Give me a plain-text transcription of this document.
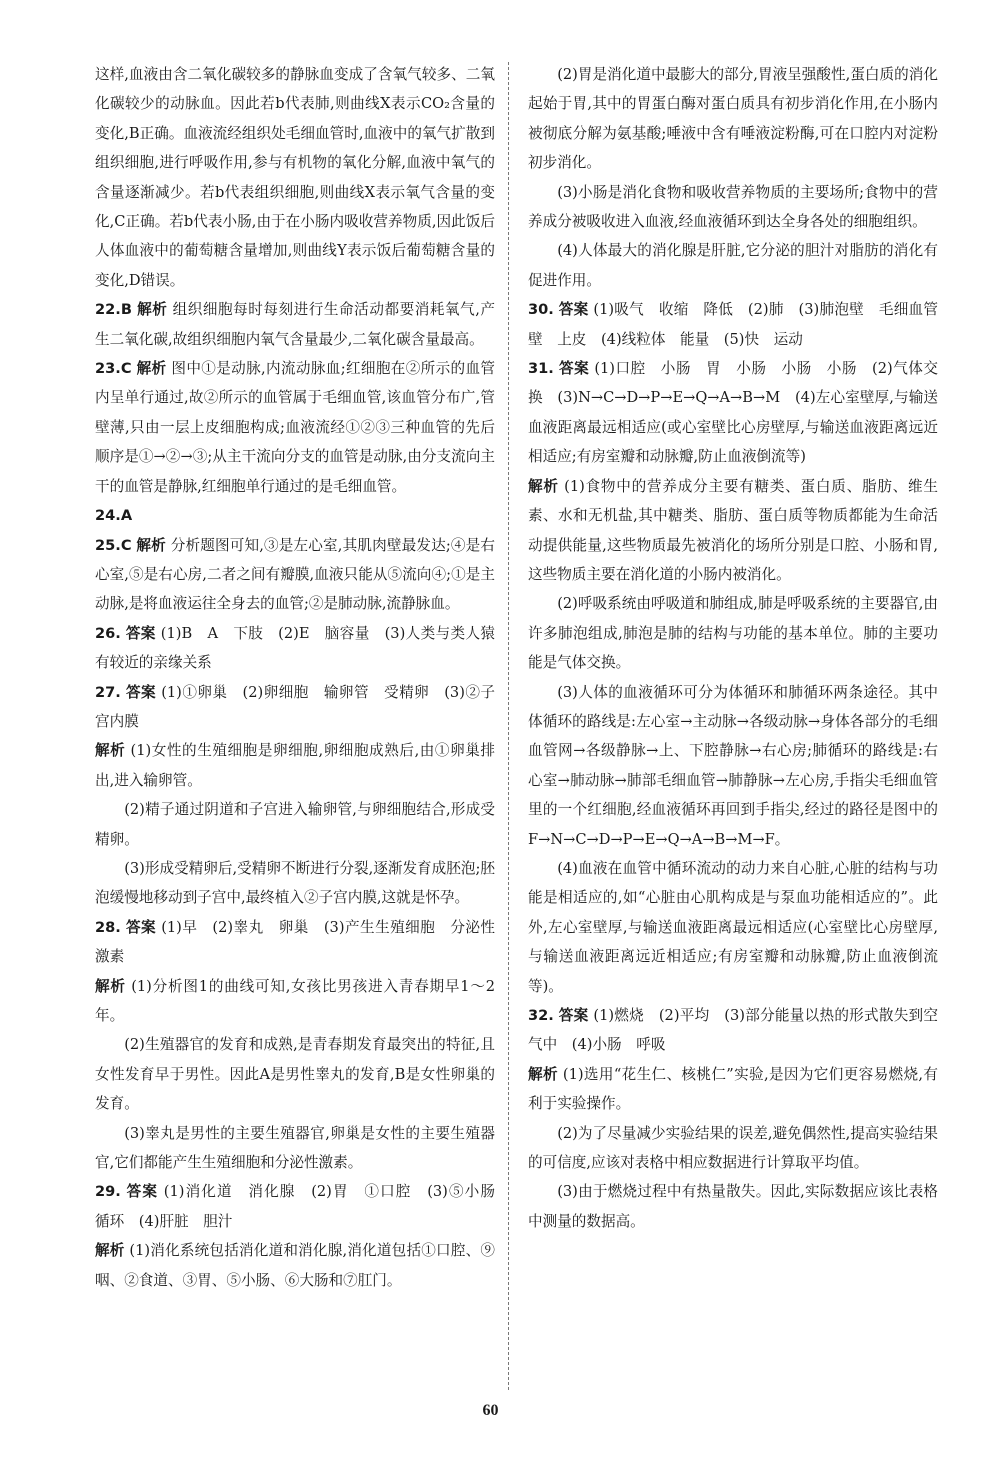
这样,血液由含二氧化碳较多的静脉血变成了含氧气较多、二氧化碳较少的动脉血。因此若b代表肺,则曲线X表示CO₂含量的变化,B正确。血液流经组织处毛细血管时,血液中的氧气扩散到组织细胞,进行呼吸作用,参与有机物的氧化分解,血液中氧气的含量逐渐减少。若b代表组织细胞,则曲线X表示氧气含量的变化,C正确。若b代表小肠,由于在小肠内吸收营养物质,因此饭后人体血液中的葡萄糖含量增加,则曲线Y表示饭后葡萄糖含量的变化,D错误。

22.B 解析 组织细胞每时每刻进行生命活动都要消耗氧气,产生二氧化碳,故组织细胞内氧气含量最少,二氧化碳含量最高。

23.C 解析 图中①是动脉,内流动脉血;红细胞在②所示的血管内呈单行通过,故②所示的血管属于毛细血管,该血管分布广,管壁薄,只由一层上皮细胞构成;血液流经①②③三种血管的先后顺序是①→②→③;从主干流向分支的血管是动脉,由分支流向主干的血管是静脉,红细胞单行通过的是毛细血管。

24.A

25.C 解析 分析题图可知,③是左心室,其肌肉壁最发达;④是右心室,⑤是右心房,二者之间有瓣膜,血液只能从⑤流向④;①是主动脉,是将血液运往全身去的血管;②是肺动脉,流静脉血。

26. 答案 (1)B　A　下肢　(2)E　脑容量　(3)人类与类人猿有较近的亲缘关系

27. 答案 (1)①卵巢　(2)卵细胞　输卵管　受精卵　(3)②子宫内膜

解析 (1)女性的生殖细胞是卵细胞,卵细胞成熟后,由①卵巢排出,进入输卵管。

(2)精子通过阴道和子宫进入输卵管,与卵细胞结合,形成受精卵。

(3)形成受精卵后,受精卵不断进行分裂,逐渐发育成胚泡;胚泡缓慢地移动到子宫中,最终植入②子宫内膜,这就是怀孕。

28. 答案 (1)早　(2)睾丸　卵巢　(3)产生生殖细胞　分泌性激素

解析 (1)分析图1的曲线可知,女孩比男孩进入青春期早1～2年。

(2)生殖器官的发育和成熟,是青春期发育最突出的特征,且女性发育早于男性。因此A是男性睾丸的发育,B是女性卵巢的发育。

(3)睾丸是男性的主要生殖器官,卵巢是女性的主要生殖器官,它们都能产生生殖细胞和分泌性激素。

29. 答案 (1)消化道　消化腺　(2)胃　①口腔　(3)⑤小肠　循环　(4)肝脏　胆汁

解析 (1)消化系统包括消化道和消化腺,消化道包括①口腔、⑨咽、②食道、③胃、⑤小肠、⑥大肠和⑦肛门。

(2)胃是消化道中最膨大的部分,胃液呈强酸性,蛋白质的消化起始于胃,其中的胃蛋白酶对蛋白质具有初步消化作用,在小肠内被彻底分解为氨基酸;唾液中含有唾液淀粉酶,可在口腔内对淀粉初步消化。

(3)小肠是消化食物和吸收营养物质的主要场所;食物中的营养成分被吸收进入血液,经血液循环到达全身各处的细胞组织。

(4)人体最大的消化腺是肝脏,它分泌的胆汁对脂肪的消化有促进作用。

30. 答案 (1)吸气　收缩　降低　(2)肺　(3)肺泡壁　毛细血管壁　上皮　(4)线粒体　能量　(5)快　运动

31. 答案 (1)口腔　小肠　胃　小肠　小肠　小肠　(2)气体交换　(3)N→C→D→P→E→Q→A→B→M　(4)左心室壁厚,与输送血液距离最远相适应(或心室壁比心房壁厚,与输送血液距离远近相适应;有房室瓣和动脉瓣,防止血液倒流等)

解析 (1)食物中的营养成分主要有糖类、蛋白质、脂肪、维生素、水和无机盐,其中糖类、脂肪、蛋白质等物质都能为生命活动提供能量,这些物质最先被消化的场所分别是口腔、小肠和胃,这些物质主要在消化道的小肠内被消化。

(2)呼吸系统由呼吸道和肺组成,肺是呼吸系统的主要器官,由许多肺泡组成,肺泡是肺的结构与功能的基本单位。肺的主要功能是气体交换。

(3)人体的血液循环可分为体循环和肺循环两条途径。其中体循环的路线是:左心室→主动脉→各级动脉→身体各部分的毛细血管网→各级静脉→上、下腔静脉→右心房;肺循环的路线是:右心室→肺动脉→肺部毛细血管→肺静脉→左心房,手指尖毛细血管里的一个红细胞,经血液循环再回到手指尖,经过的路径是图中的F→N→C→D→P→E→Q→A→B→M→F。

(4)血液在血管中循环流动的动力来自心脏,心脏的结构与功能是相适应的,如“心脏由心肌构成是与泵血功能相适应的”。此外,左心室壁厚,与输送血液距离最远相适应(心室壁比心房壁厚,与输送血液距离远近相适应;有房室瓣和动脉瓣,防止血液倒流等)。

32. 答案 (1)燃烧　(2)平均　(3)部分能量以热的形式散失到空气中　(4)小肠　呼吸

解析 (1)选用“花生仁、核桃仁”实验,是因为它们更容易燃烧,有利于实验操作。

(2)为了尽量减少实验结果的误差,避免偶然性,提高实验结果的可信度,应该对表格中相应数据进行计算取平均值。

(3)由于燃烧过程中有热量散失。因此,实际数据应该比表格中测量的数据高。

60
